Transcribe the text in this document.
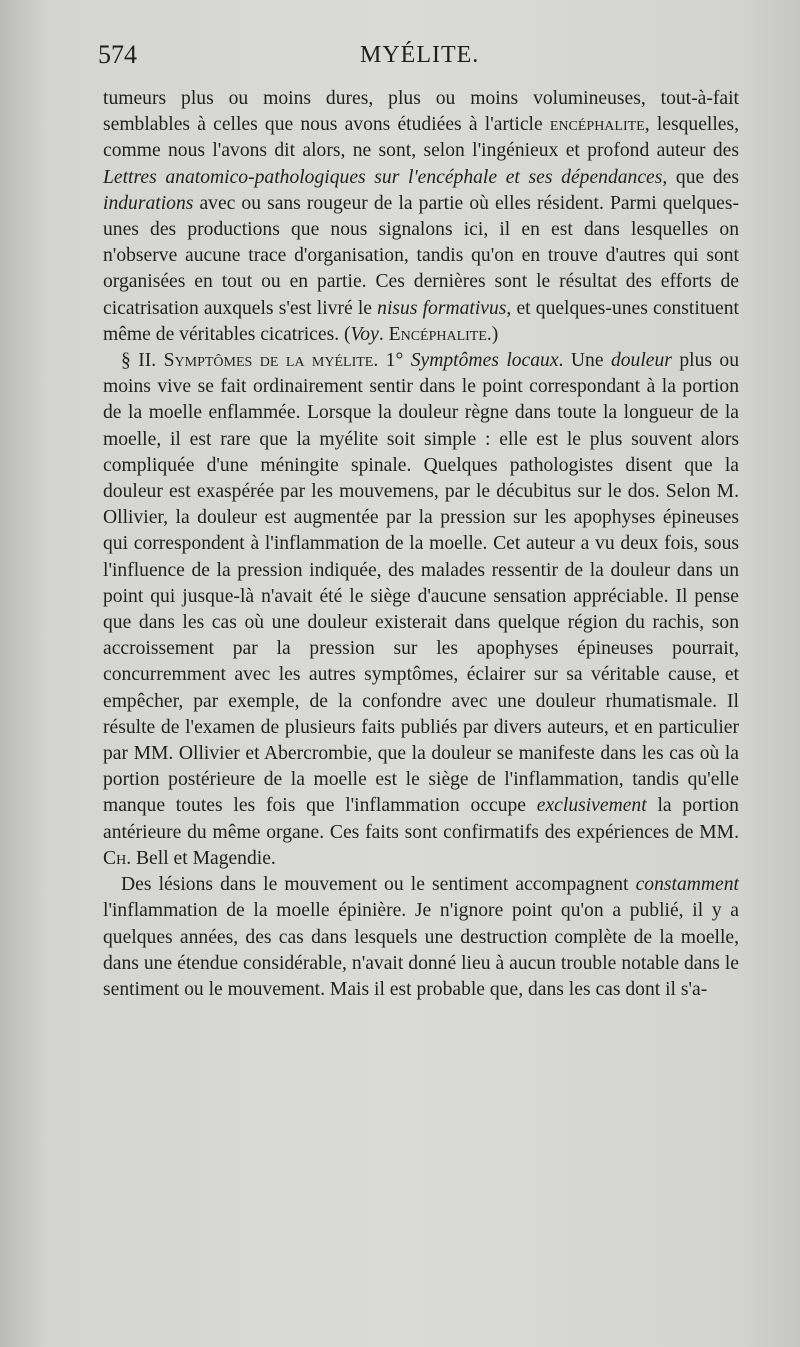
574	MYÉLITE.

tumeurs plus ou moins dures, plus ou moins volumineuses, tout-à-fait semblables à celles que nous avons étudiées à l'article encéphalite, lesquelles, comme nous l'avons dit alors, ne sont, selon l'ingénieux et profond auteur des Lettres anatomico-pathologiques sur l'encéphale et ses dépendances, que des indurations avec ou sans rougeur de la partie où elles résident. Parmi quelques-unes des productions que nous signalons ici, il en est dans lesquelles on n'observe aucune trace d'organisation, tandis qu'on en trouve d'autres qui sont organisées en tout ou en partie. Ces dernières sont le résultat des efforts de cicatrisation auxquels s'est livré le nisus formativus, et quelques-unes constituent même de véritables cicatrices. (Voy. Encéphalite.)

§ II. Symptômes de la myélite. 1° Symptômes locaux. Une douleur plus ou moins vive se fait ordinairement sentir dans le point correspondant à la portion de la moelle enflammée. Lorsque la douleur règne dans toute la longueur de la moelle, il est rare que la myélite soit simple : elle est le plus souvent alors compliquée d'une méningite spinale. Quelques pathologistes disent que la douleur est exaspérée par les mouvemens, par le décubitus sur le dos. Selon M. Ollivier, la douleur est augmentée par la pression sur les apophyses épineuses qui correspondent à l'inflammation de la moelle. Cet auteur a vu deux fois, sous l'influence de la pression indiquée, des malades ressentir de la douleur dans un point qui jusque-là n'avait été le siège d'aucune sensation appréciable. Il pense que dans les cas où une douleur existerait dans quelque région du rachis, son accroissement par la pression sur les apophyses épineuses pourrait, concurremment avec les autres symptômes, éclairer sur sa véritable cause, et empêcher, par exemple, de la confondre avec une douleur rhumatismale. Il résulte de l'examen de plusieurs faits publiés par divers auteurs, et en particulier par MM. Ollivier et Abercrombie, que la douleur se manifeste dans les cas où la portion postérieure de la moelle est le siège de l'inflammation, tandis qu'elle manque toutes les fois que l'inflammation occupe exclusivement la portion antérieure du même organe. Ces faits sont confirmatifs des expériences de MM. Ch. Bell et Magendie.

Des lésions dans le mouvement ou le sentiment accompagnent constamment l'inflammation de la moelle épinière. Je n'ignore point qu'on a publié, il y a quelques années, des cas dans lesquels une destruction complète de la moelle, dans une étendue considérable, n'avait donné lieu à aucun trouble notable dans le sentiment ou le mouvement. Mais il est probable que, dans les cas dont il s'a-
